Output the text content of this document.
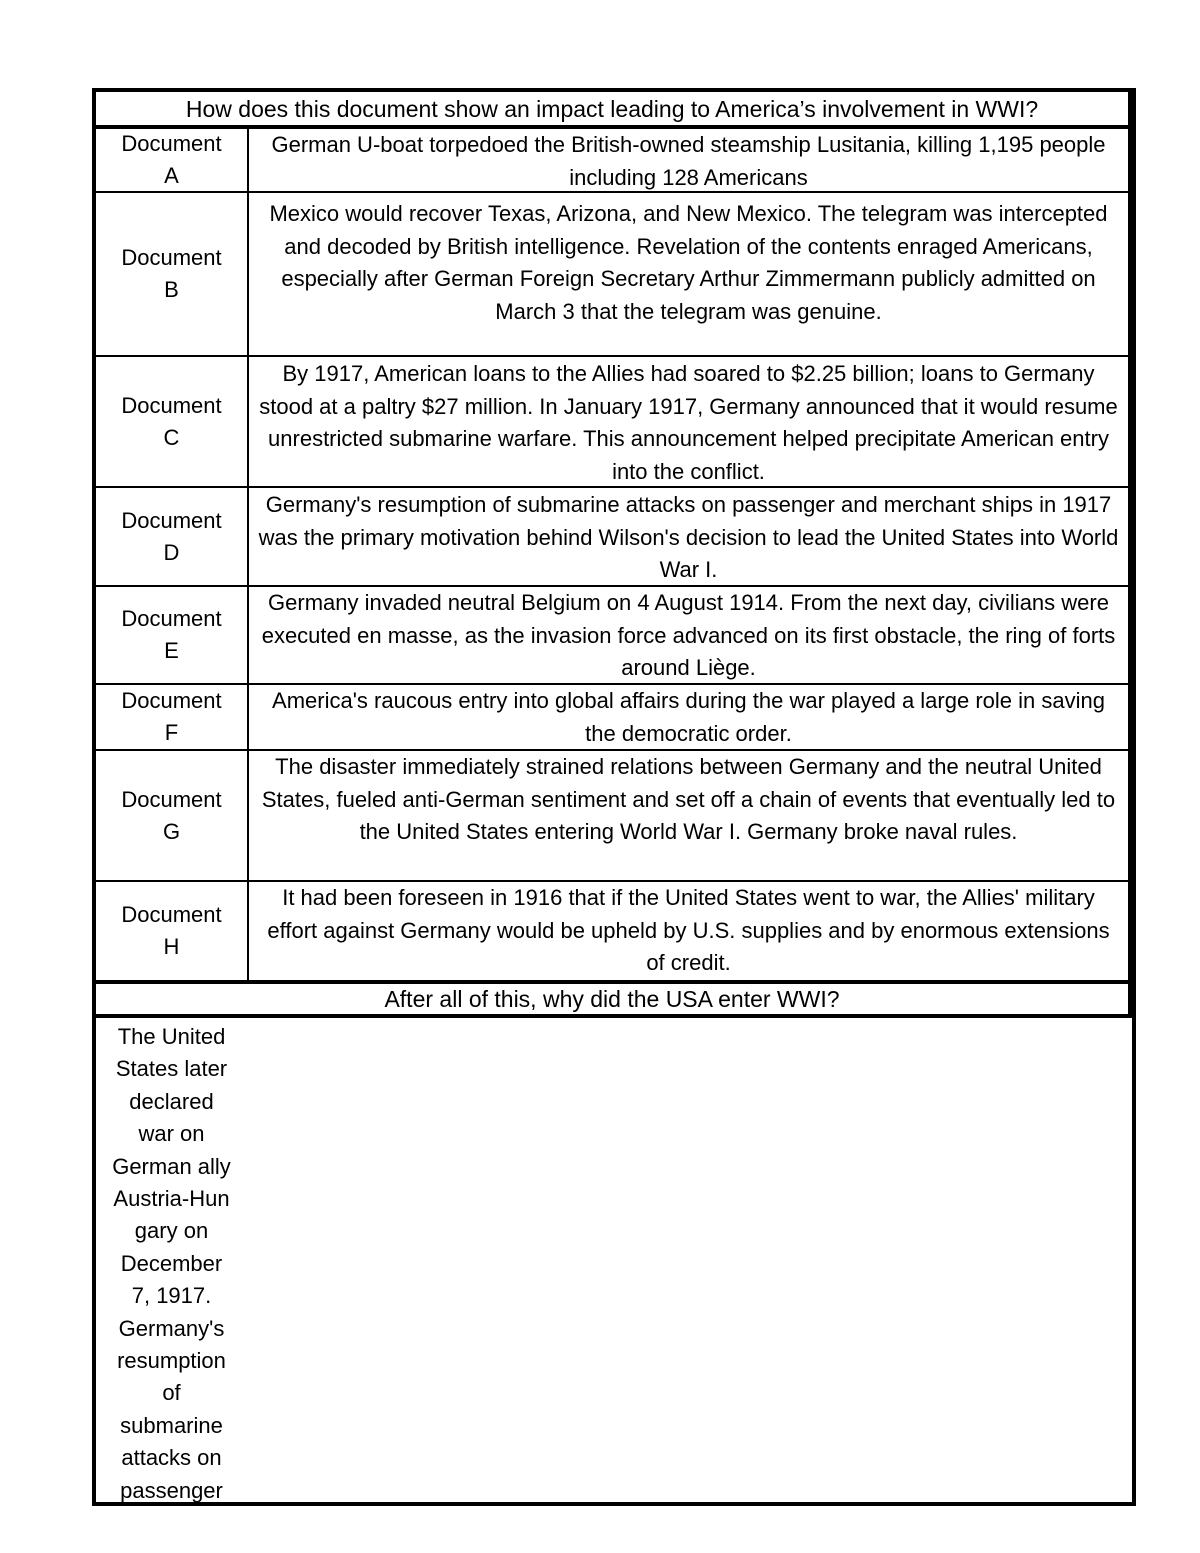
How does this document show an impact leading to America’s involvement in WWI?
Document
A
German U-boat torpedoed the British-owned steamship Lusitania, killing 1,195 people including 128 Americans
Document
B
Mexico would recover Texas, Arizona, and New Mexico. The telegram was intercepted and decoded by British intelligence. Revelation of the contents enraged Americans, especially after German Foreign Secretary Arthur Zimmermann publicly admitted on March 3 that the telegram was genuine.
Document
C
By 1917, American loans to the Allies had soared to $2.25 billion; loans to Germany stood at a paltry $27 million. In January 1917, Germany announced that it would resume unrestricted submarine warfare. This announcement helped precipitate American entry into the conflict.
Document
D
Germany's resumption of submarine attacks on passenger and merchant ships in 1917 was the primary motivation behind Wilson's decision to lead the United States into World War I.
Document
E
Germany invaded neutral Belgium on 4 August 1914. From the next day, civilians were executed en masse, as the invasion force advanced on its first obstacle, the ring of forts around Liège.
Document
F
America's raucous entry into global affairs during the war played a large role in saving the democratic order.
Document
G
The disaster immediately strained relations between Germany and the neutral United States, fueled anti-German sentiment and set off a chain of events that eventually led to the United States entering World War I. Germany broke naval rules.
Document
H
It had been foreseen in 1916 that if the United States went to war, the Allies' military effort against Germany would be upheld by U.S. supplies and by enormous extensions of credit.
After all of this, why did the USA enter WWI?
The United
States later
declared
war on
German ally
Austria-Hun
gary on
December
7, 1917.
Germany's
resumption
of
submarine
attacks on
passenger
